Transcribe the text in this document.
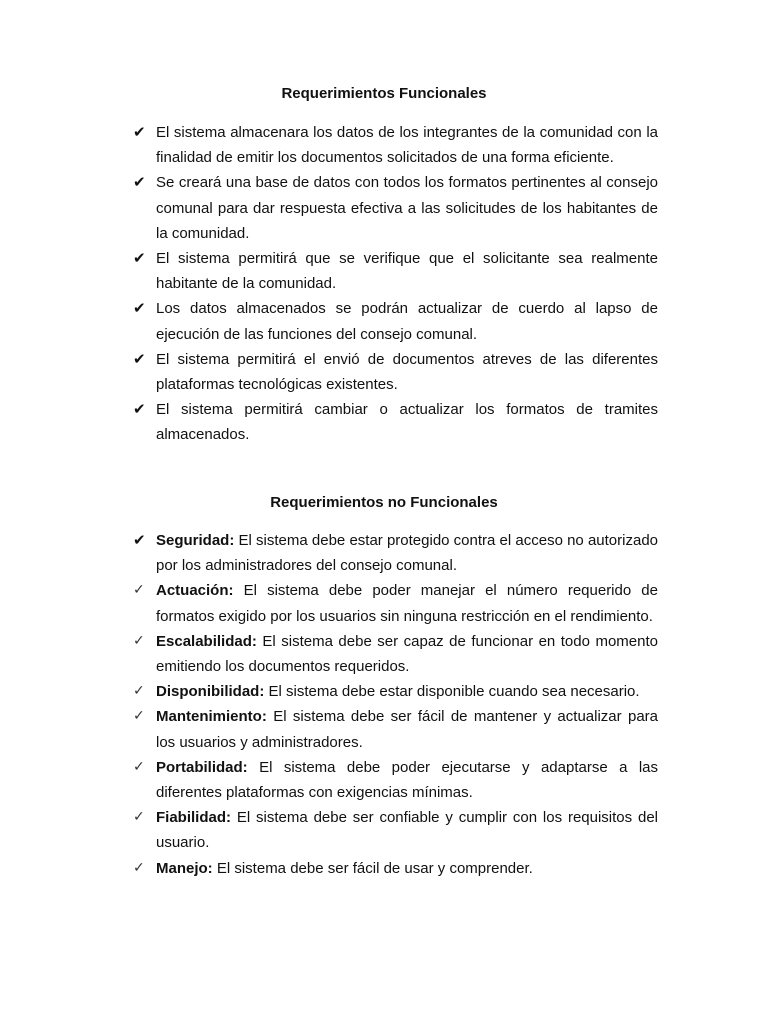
Requerimientos Funcionales
✔ El sistema almacenara los datos de los integrantes de la comunidad con la finalidad de emitir los documentos solicitados de una forma eficiente.
✔ Se creará una base de datos con todos los formatos pertinentes al consejo comunal para dar respuesta efectiva a las solicitudes de los habitantes de la comunidad.
✔ El sistema permitirá que se verifique que el solicitante sea realmente habitante de la comunidad.
✔ Los datos almacenados se podrán actualizar de cuerdo al lapso de ejecución de las funciones del consejo comunal.
✔ El sistema permitirá el envió de documentos atreves de las diferentes plataformas tecnológicas existentes.
✔ El sistema permitirá cambiar o actualizar los formatos de tramites almacenados.
Requerimientos no Funcionales
✔ Seguridad: El sistema debe estar protegido contra el acceso no autorizado por los administradores del consejo comunal.
✓ Actuación: El sistema debe poder manejar el número requerido de formatos exigido por los usuarios sin ninguna restricción en el rendimiento.
✓ Escalabilidad: El sistema debe ser capaz de funcionar en todo momento emitiendo los documentos requeridos.
✓ Disponibilidad: El sistema debe estar disponible cuando sea necesario.
✓ Mantenimiento: El sistema debe ser fácil de mantener y actualizar para los usuarios y administradores.
✓ Portabilidad: El sistema debe poder ejecutarse y adaptarse a las diferentes plataformas con exigencias mínimas.
✓ Fiabilidad: El sistema debe ser confiable y cumplir con los requisitos del usuario.
✓ Manejo: El sistema debe ser fácil de usar y comprender.
